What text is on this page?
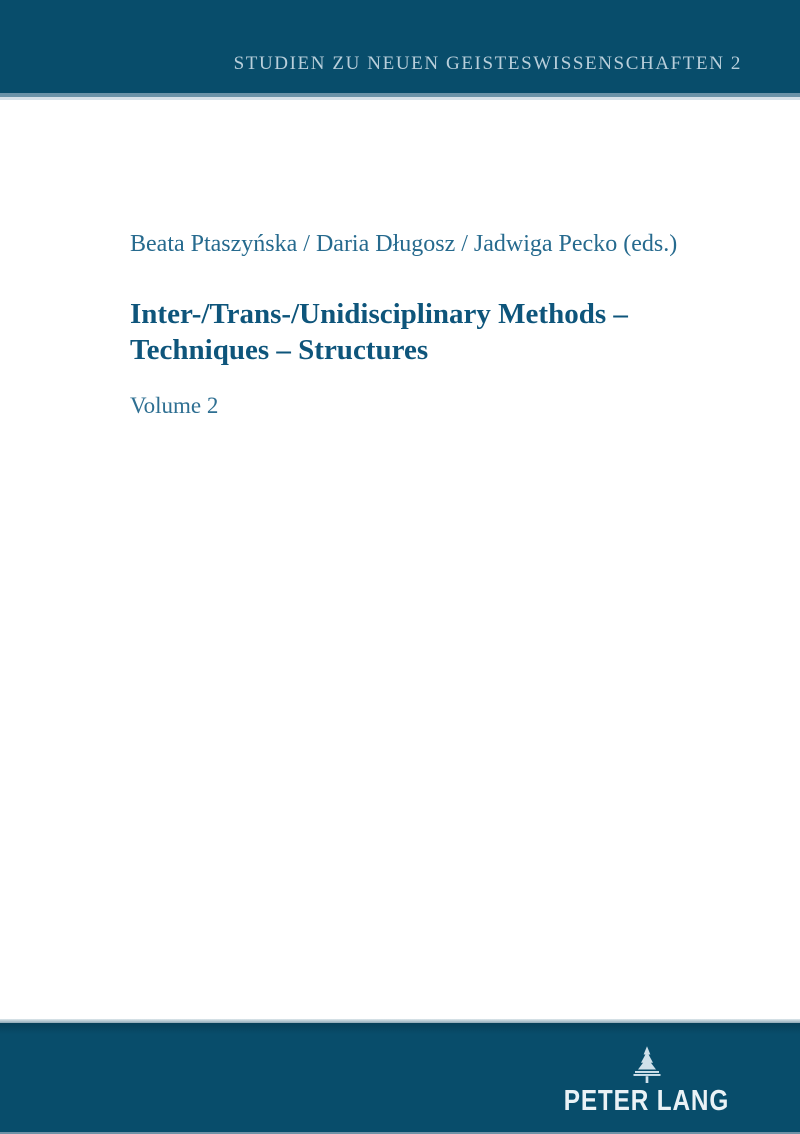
STUDIEN ZU NEUEN GEISTESWISSENSCHAFTEN 2

Beata Ptaszyńska / Daria Długosz / Jadwiga Pecko (eds.)

Inter-/Trans-/Unidisciplinary Methods –
Techniques – Structures

Volume 2

PETER LANG
